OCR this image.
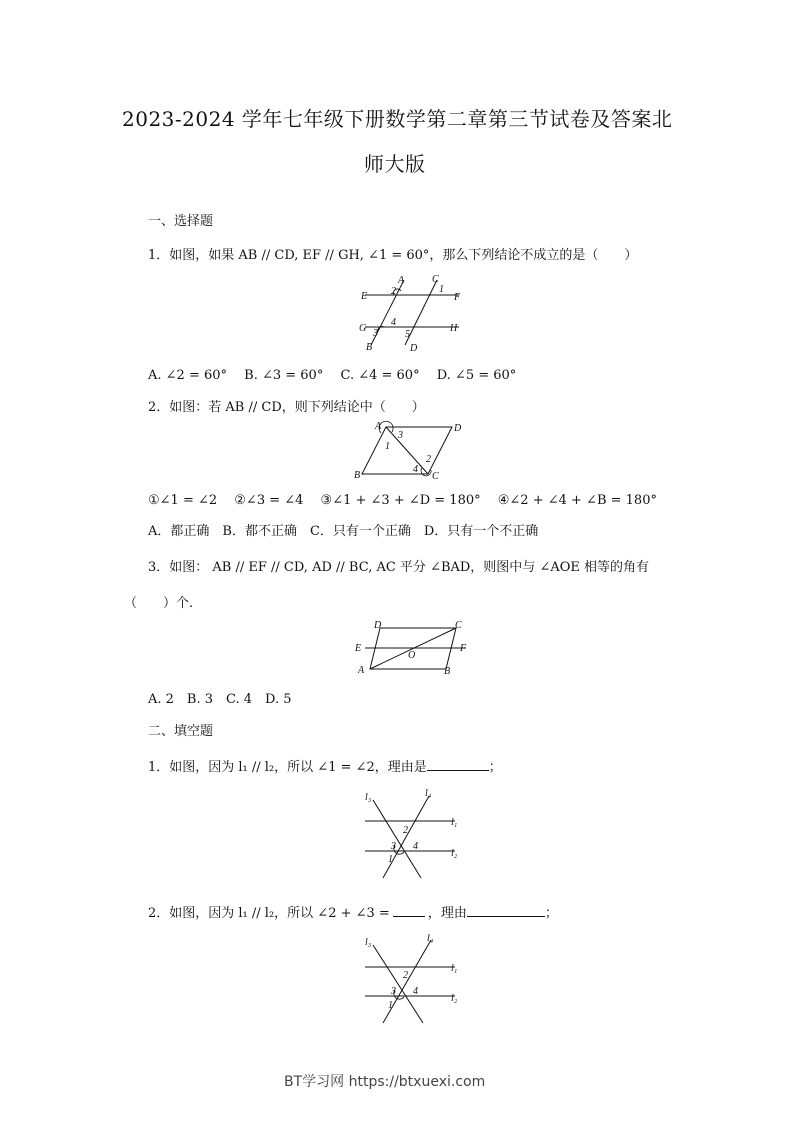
2023-2024 学年七年级下册数学第二章第三节试卷及答案北
师大版
一、选择题
1．如图，如果 AB // CD, EF // GH, ∠1 = 60°，那么下列结论不成立的是（　　）
A	C
E	F
G	H
B	D
1
2
3
4
5
A. ∠2 = 60°　 B. ∠3 = 60°　 C. ∠4 = 60°　 D. ∠5 = 60°
2．如图：若 AB // CD，则下列结论中（　　）
A	D
B	C
1
2
3
4
①∠1 = ∠2　 ②∠3 = ∠4　 ③∠1 + ∠3 + ∠D = 180°　 ④∠2 + ∠4 + ∠B = 180°
A．都正确　B．都不正确　C．只有一个正确　D．只有一个不正确
3．如图： AB // EF // CD, AD // BC, AC 平分 ∠BAD，则图中与 ∠AOE 相等的角有
（　　）个.
D	C
E	F
O
A	B
A. 2　B. 3　C. 4　D. 5
二、填空题
1．如图，因为 l₁ // l₂，所以 ∠1 = ∠2，理由是	；
l₃	l₄
l₁
l₂
2
3 4
1
2．如图，因为 l₁ // l₂，所以 ∠2 + ∠3 =	，理由	；
l₃	l₄
l₁
l₂
2
3 4
1
BT学习网 https://btxuexi.com
